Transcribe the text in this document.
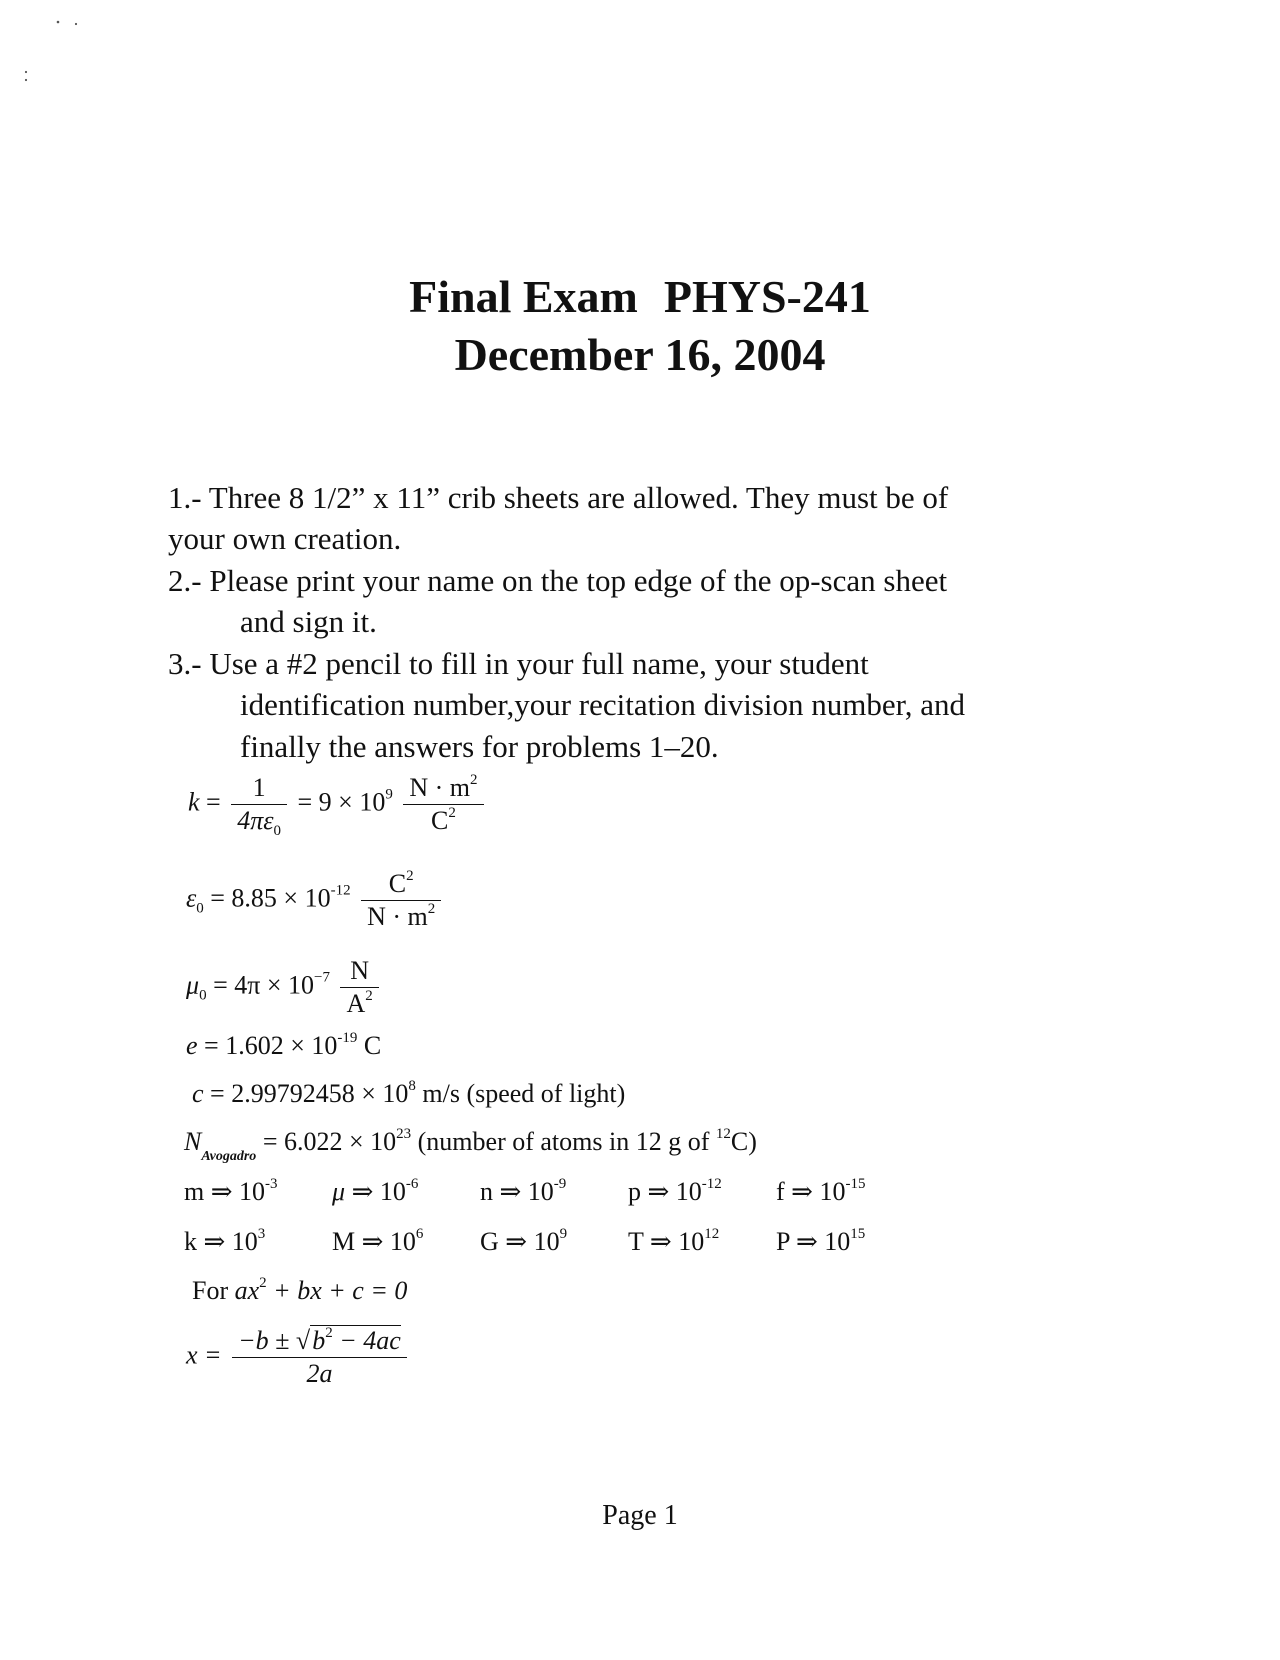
Final Exam PHYS-241
December 16, 2004
1.- Three 8 1/2” x 11” crib sheets are allowed. They must be of
your own creation.
2.- Please print your name on the top edge of the op-scan sheet
and sign it.
3.- Use a #2 pencil to fill in your full name, your student
identification number,your recitation division number, and
finally the answers for problems 1–20.
$k = \frac{1}{4\pi\varepsilon_0} = 9 \times 10^9 \frac{N \cdot m^2}{C^2}$
$\varepsilon_0 = 8.85 \times 10^{-12} \frac{C^2}{N \cdot m^2}$
$\mu_0 = 4\pi \times 10^{-7} \frac{N}{A^2}$
$e = 1.602 \times 10^{-19}$ C
$c = 2.99792458 \times 10^8$ m/s (speed of light)
$N_{Avogadro} = 6.022 \times 10^{23}$ (number of atoms in 12 g of $^{12}$C)
m ⇒ $10^{-3}$ μ ⇒ $10^{-6}$ n ⇒ $10^{-9}$ p ⇒ $10^{-12}$ f ⇒ $10^{-15}$
k ⇒ $10^3$	M ⇒ $10^6$ G ⇒ $10^9$ T ⇒ $10^{12}$ P ⇒ $10^{15}$
For $ax^2$ + bx + c = 0
$x = \frac{-b \pm √b^2 - 4ac}{2a}$
Page 1
